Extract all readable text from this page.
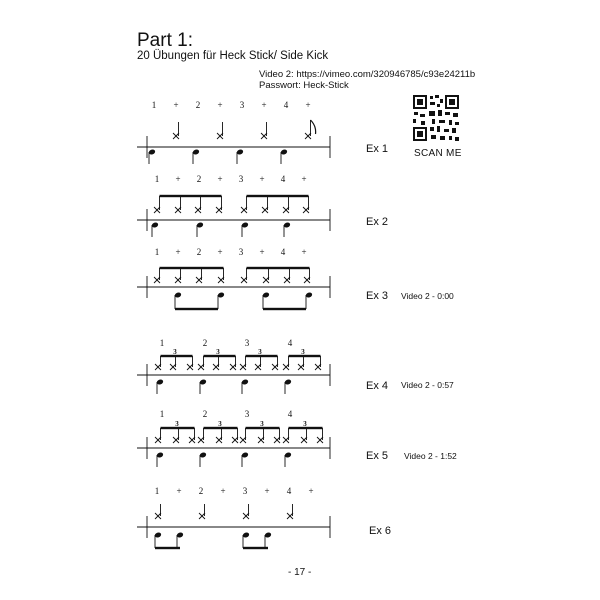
Part 1:
20 Übungen für Heck Stick/ Side Kick
Video 2: https://vimeo.com/320946785/c93e24211b
Passwort: Heck-Stick
SCAN ME
Ex 1
Ex 2
Ex 3 Video 2 - 0:00
Ex 4 Video 2 - 0:57
Ex 5 Video 2 - 1:52
Ex 6
- 17 -
1 + 2 + 3 + 4 +
1 + 2 + 3 + 4 +
1 + 2 + 3 + 4 +
1	2	3	4
3	3	3	3
1	2	3	4
3	3	3	3
1 + 2 + 3 + 4 +
